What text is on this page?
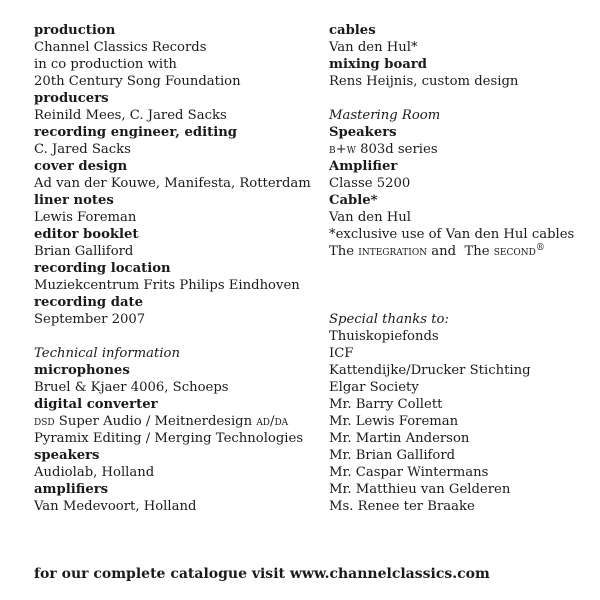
production
Channel Classics Records
in co production with
20th Century Song Foundation
producers
Reinild Mees, C. Jared Sacks
recording engineer, editing
C. Jared Sacks
cover design
Ad van der Kouwe, Manifesta, Rotterdam
liner notes
Lewis Foreman
editor booklet
Brian Galliford
recording location
Muziekcentrum Frits Philips Eindhoven
recording date
September 2007
Technical information
microphones
Bruel & Kjaer 4006, Schoeps
digital converter
dsd Super Audio / Meitnerdesign ad/da
Pyramix Editing / Merging Technologies
speakers
Audiolab, Holland
amplifiers
Van Medevoort, Holland
cables
Van den Hul*
mixing board
Rens Heijnis, custom design
Mastering Room
Speakers
b+w 803d series
Amplifier
Classe 5200
Cable*
Van den Hul
*exclusive use of Van den Hul cables
The integration and  The second®
Special thanks to:
Thuiskopiefonds
ICF
Kattendijke/Drucker Stichting
Elgar Society
Mr. Barry Collett
Mr. Lewis Foreman
Mr. Martin Anderson
Mr. Brian Galliford
Mr. Caspar Wintermans
Mr. Matthieu van Gelderen
Ms. Renee ter Braake
for our complete catalogue visit www.channelclassics.com
